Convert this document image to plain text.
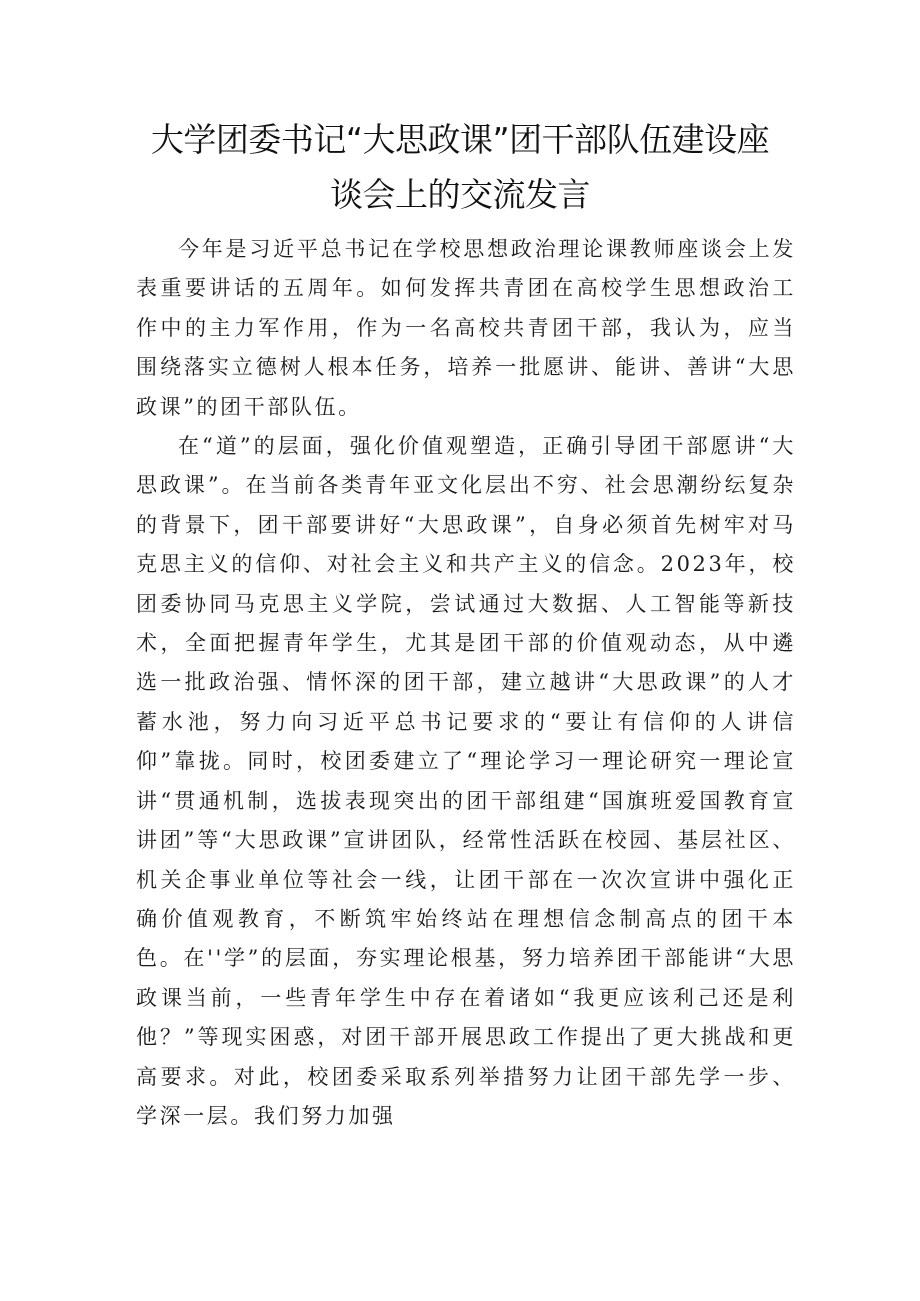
大学团委书记“大思政课”团干部队伍建设座
谈会上的交流发言

今年是习近平总书记在学校思想政治理论课教师座谈会上发表重要讲话的五周年。如何发挥共青团在高校学生思想政治工作中的主力军作用，作为一名高校共青团干部，我认为，应当围绕落实立德树人根本任务，培养一批愿讲、能讲、善讲“大思政课”的团干部队伍。

在“道”的层面，强化价值观塑造，正确引导团干部愿讲“大思政课”。在当前各类青年亚文化层出不穷、社会思潮纷纭复杂的背景下，团干部要讲好“大思政课”，自身必须首先树牢对马克思主义的信仰、对社会主义和共产主义的信念。2023年，校团委协同马克思主义学院，尝试通过大数据、人工智能等新技术，全面把握青年学生，尤其是团干部的价值观动态，从中遴选一批政治强、情怀深的团干部，建立越讲“大思政课”的人才蓄水池，努力向习近平总书记要求的“要让有信仰的人讲信仰”靠拢。同时，校团委建立了“理论学习一理论研究一理论宣讲“贯通机制，选拔表现突出的团干部组建“国旗班爱国教育宣讲团”等“大思政课”宣讲团队，经常性活跃在校园、基层社区、机关企事业单位等社会一线，让团干部在一次次宣讲中强化正确价值观教育，不断筑牢始终站在理想信念制高点的团干本色。在''学”的层面，夯实理论根基，努力培养团干部能讲“大思政课当前，一些青年学生中存在着诸如“我更应该利己还是利他？”等现实困惑，对团干部开展思政工作提出了更大挑战和更高要求。对此，校团委采取系列举措努力让团干部先学一步、学深一层。我们努力加强
